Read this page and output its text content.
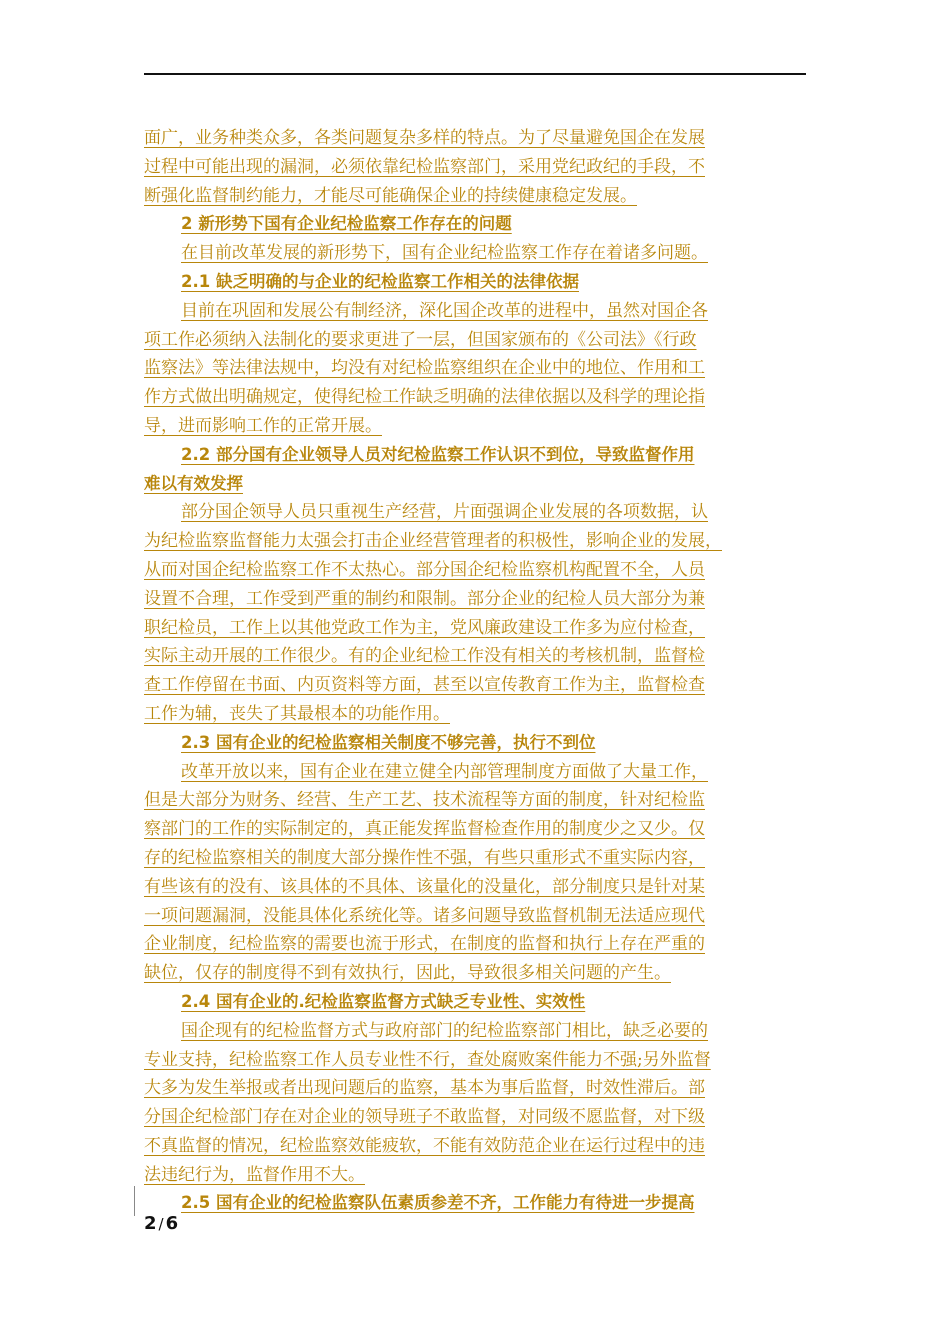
面广，业务种类众多，各类问题复杂多样的特点。为了尽量避免国企在发展
过程中可能出现的漏洞，必须依靠纪检监察部门，采用党纪政纪的手段，不
断强化监督制约能力，才能尽可能确保企业的持续健康稳定发展。
2 新形势下国有企业纪检监察工作存在的问题
在目前改革发展的新形势下，国有企业纪检监察工作存在着诸多问题。
2.1 缺乏明确的与企业的纪检监察工作相关的法律依据
目前在巩固和发展公有制经济，深化国企改革的进程中，虽然对国企各
项工作必须纳入法制化的要求更进了一层，但国家颁布的《公司法》《行政
监察法》等法律法规中，均没有对纪检监察组织在企业中的地位、作用和工
作方式做出明确规定，使得纪检工作缺乏明确的法律依据以及科学的理论指
导，进而影响工作的正常开展。
2.2 部分国有企业领导人员对纪检监察工作认识不到位，导致监督作用
难以有效发挥
部分国企领导人员只重视生产经营，片面强调企业发展的各项数据，认
为纪检监察监督能力太强会打击企业经营管理者的积极性，影响企业的发展，
从而对国企纪检监察工作不太热心。部分国企纪检监察机构配置不全，人员
设置不合理，工作受到严重的制约和限制。部分企业的纪检人员大部分为兼
职纪检员，工作上以其他党政工作为主，党风廉政建设工作多为应付检查，
实际主动开展的工作很少。有的企业纪检工作没有相关的考核机制，监督检
查工作停留在书面、内页资料等方面，甚至以宣传教育工作为主，监督检查
工作为辅，丧失了其最根本的功能作用。
2.3 国有企业的纪检监察相关制度不够完善，执行不到位
改革开放以来，国有企业在建立健全内部管理制度方面做了大量工作，
但是大部分为财务、经营、生产工艺、技术流程等方面的制度，针对纪检监
察部门的工作的实际制定的，真正能发挥监督检查作用的制度少之又少。仅
存的纪检监察相关的制度大部分操作性不强，有些只重形式不重实际内容，
有些该有的没有、该具体的不具体、该量化的没量化，部分制度只是针对某
一项问题漏洞，没能具体化系统化等。诸多问题导致监督机制无法适应现代
企业制度，纪检监察的需要也流于形式，在制度的监督和执行上存在严重的
缺位，仅存的制度得不到有效执行，因此，导致很多相关问题的产生。
2.4 国有企业的.纪检监察监督方式缺乏专业性、实效性
国企现有的纪检监督方式与政府部门的纪检监察部门相比，缺乏必要的
专业支持，纪检监察工作人员专业性不行，查处腐败案件能力不强;另外监督
大多为发生举报或者出现问题后的监察，基本为事后监督，时效性滞后。部
分国企纪检部门存在对企业的领导班子不敢监督，对同级不愿监督，对下级
不真监督的情况，纪检监察效能疲软，不能有效防范企业在运行过程中的违
法违纪行为，监督作用不大。
2.5 国有企业的纪检监察队伍素质参差不齐，工作能力有待进一步提高
2 / 6
